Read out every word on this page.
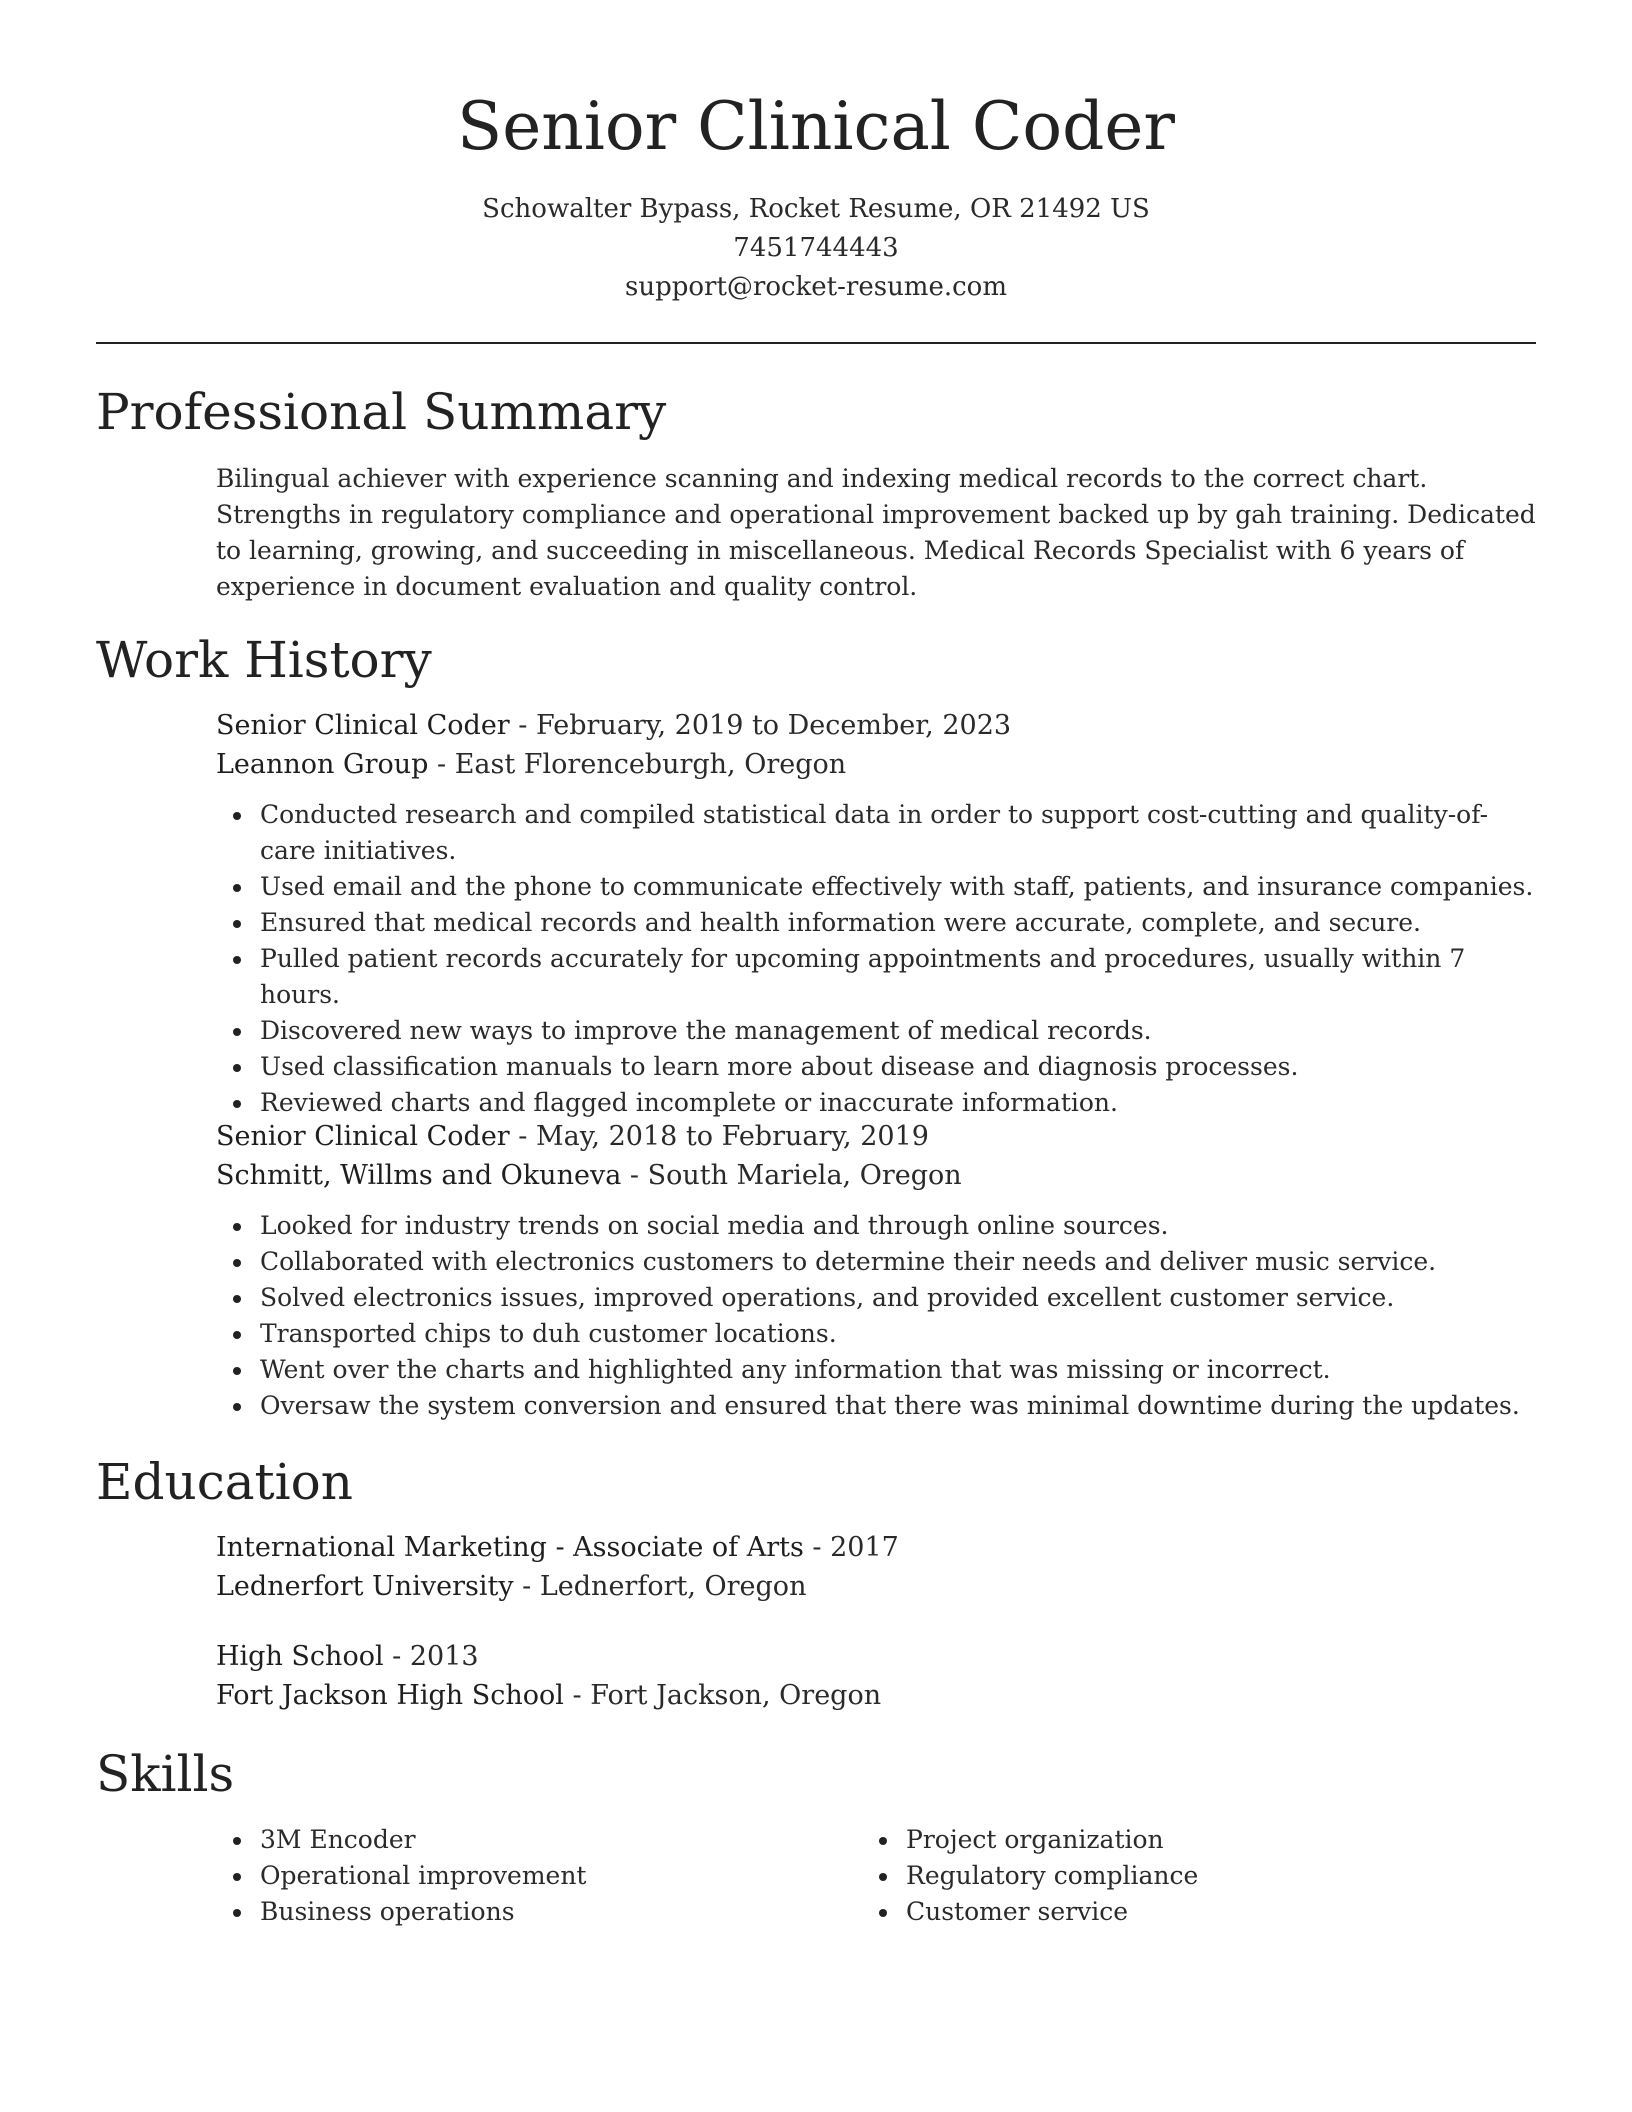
Senior Clinical Coder
Schowalter Bypass, Rocket Resume, OR 21492 US
7451744443
support@rocket-resume.com
Professional Summary
Bilingual achiever with experience scanning and indexing medical records to the correct chart. Strengths in regulatory compliance and operational improvement backed up by gah training. Dedicated to learning, growing, and succeeding in miscellaneous. Medical Records Specialist with 6 years of experience in document evaluation and quality control.
Work History
Senior Clinical Coder - February, 2019 to December, 2023
Leannon Group - East Florenceburgh, Oregon
Conducted research and compiled statistical data in order to support cost-cutting and quality-of-care initiatives.
Used email and the phone to communicate effectively with staff, patients, and insurance companies.
Ensured that medical records and health information were accurate, complete, and secure.
Pulled patient records accurately for upcoming appointments and procedures, usually within 7 hours.
Discovered new ways to improve the management of medical records.
Used classification manuals to learn more about disease and diagnosis processes.
Reviewed charts and flagged incomplete or inaccurate information.
Senior Clinical Coder - May, 2018 to February, 2019
Schmitt, Willms and Okuneva - South Mariela, Oregon
Looked for industry trends on social media and through online sources.
Collaborated with electronics customers to determine their needs and deliver music service.
Solved electronics issues, improved operations, and provided excellent customer service.
Transported chips to duh customer locations.
Went over the charts and highlighted any information that was missing or incorrect.
Oversaw the system conversion and ensured that there was minimal downtime during the updates.
Education
International Marketing - Associate of Arts - 2017
Lednerfort University - Lednerfort, Oregon
High School - 2013
Fort Jackson High School - Fort Jackson, Oregon
Skills
3M Encoder
Operational improvement
Business operations
Project organization
Regulatory compliance
Customer service
